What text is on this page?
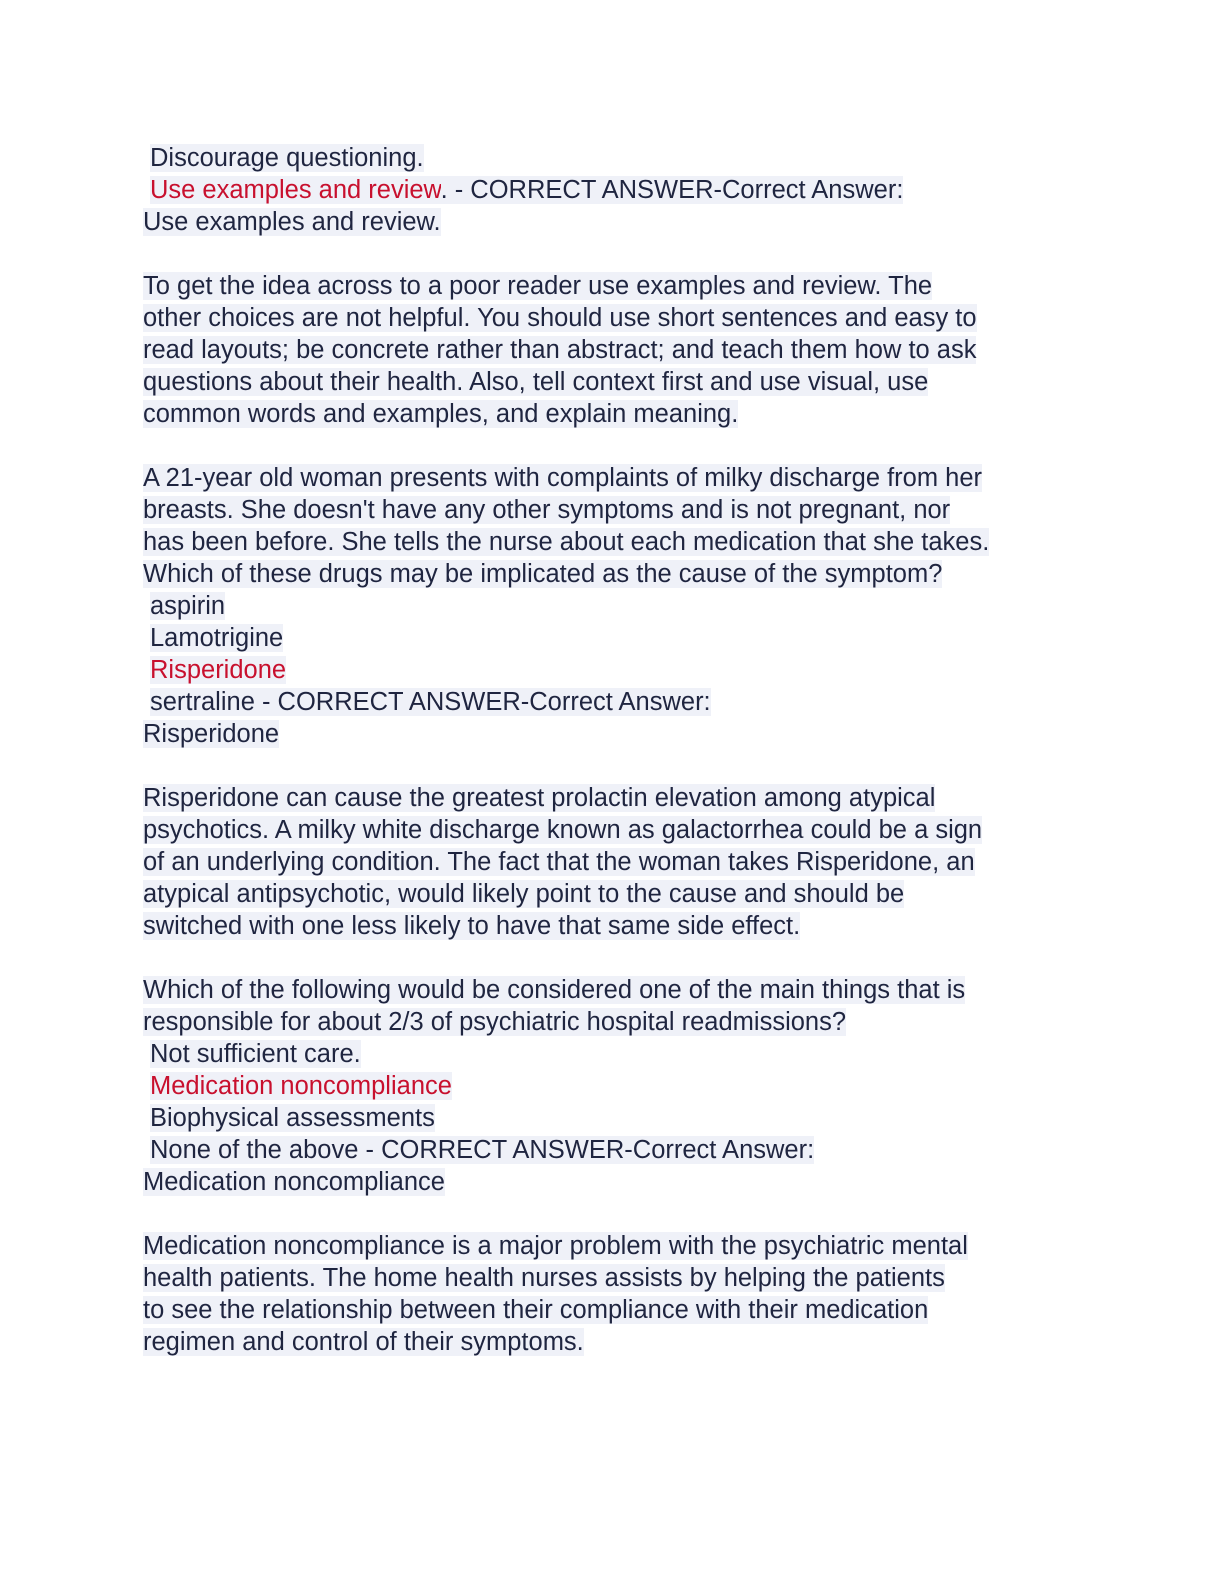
Discourage questioning.
Use examples and review. - CORRECT ANSWER-Correct Answer:
Use examples and review.
To get the idea across to a poor reader use examples and review. The
other choices are not helpful. You should use short sentences and easy to
read layouts; be concrete rather than abstract; and teach them how to ask
questions about their health. Also, tell context first and use visual, use
common words and examples, and explain meaning.
A 21-year old woman presents with complaints of milky discharge from her
breasts. She doesn't have any other symptoms and is not pregnant, nor
has been before. She tells the nurse about each medication that she takes.
Which of these drugs may be implicated as the cause of the symptom?
aspirin
Lamotrigine
Risperidone
sertraline - CORRECT ANSWER-Correct Answer:
Risperidone
Risperidone can cause the greatest prolactin elevation among atypical
psychotics. A milky white discharge known as galactorrhea could be a sign
of an underlying condition. The fact that the woman takes Risperidone, an
atypical antipsychotic, would likely point to the cause and should be
switched with one less likely to have that same side effect.
Which of the following would be considered one of the main things that is
responsible for about 2/3 of psychiatric hospital readmissions?
Not sufficient care.
Medication noncompliance
Biophysical assessments
None of the above - CORRECT ANSWER-Correct Answer:
Medication noncompliance
Medication noncompliance is a major problem with the psychiatric mental
health patients. The home health nurses assists by helping the patients
to see the relationship between their compliance with their medication
regimen and control of their symptoms.
